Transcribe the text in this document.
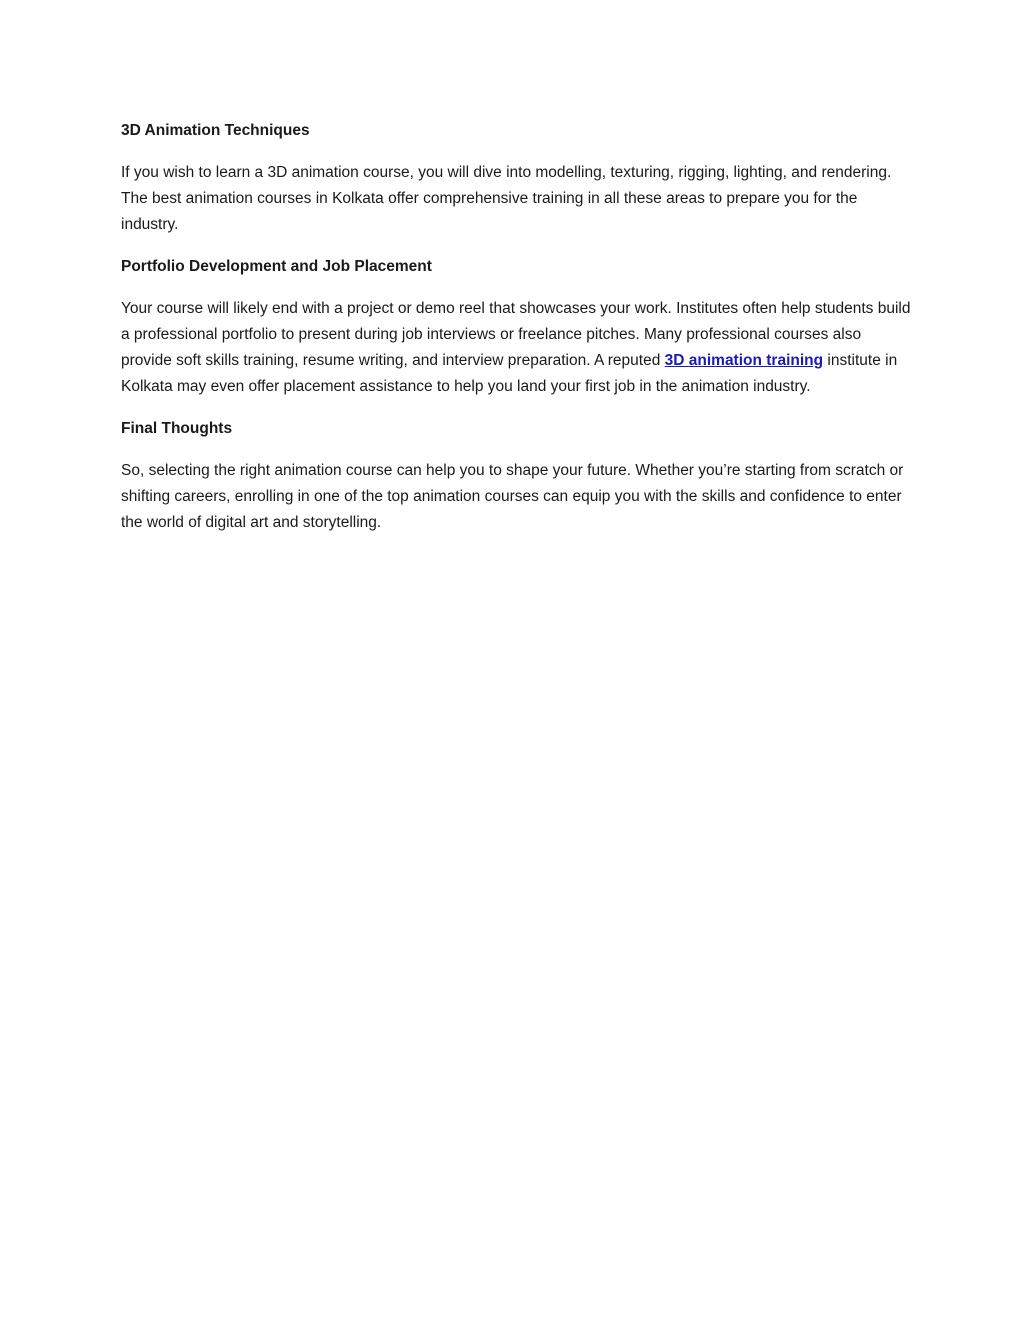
3D Animation Techniques

If you wish to learn a 3D animation course, you will dive into modelling, texturing, rigging, lighting, and rendering. The best animation courses in Kolkata offer comprehensive training in all these areas to prepare you for the industry.

Portfolio Development and Job Placement

Your course will likely end with a project or demo reel that showcases your work. Institutes often help students build a professional portfolio to present during job interviews or freelance pitches. Many professional courses also provide soft skills training, resume writing, and interview preparation. A reputed 3D animation training institute in Kolkata may even offer placement assistance to help you land your first job in the animation industry.

Final Thoughts

So, selecting the right animation course can help you to shape your future. Whether you’re starting from scratch or shifting careers, enrolling in one of the top animation courses can equip you with the skills and confidence to enter the world of digital art and storytelling.
